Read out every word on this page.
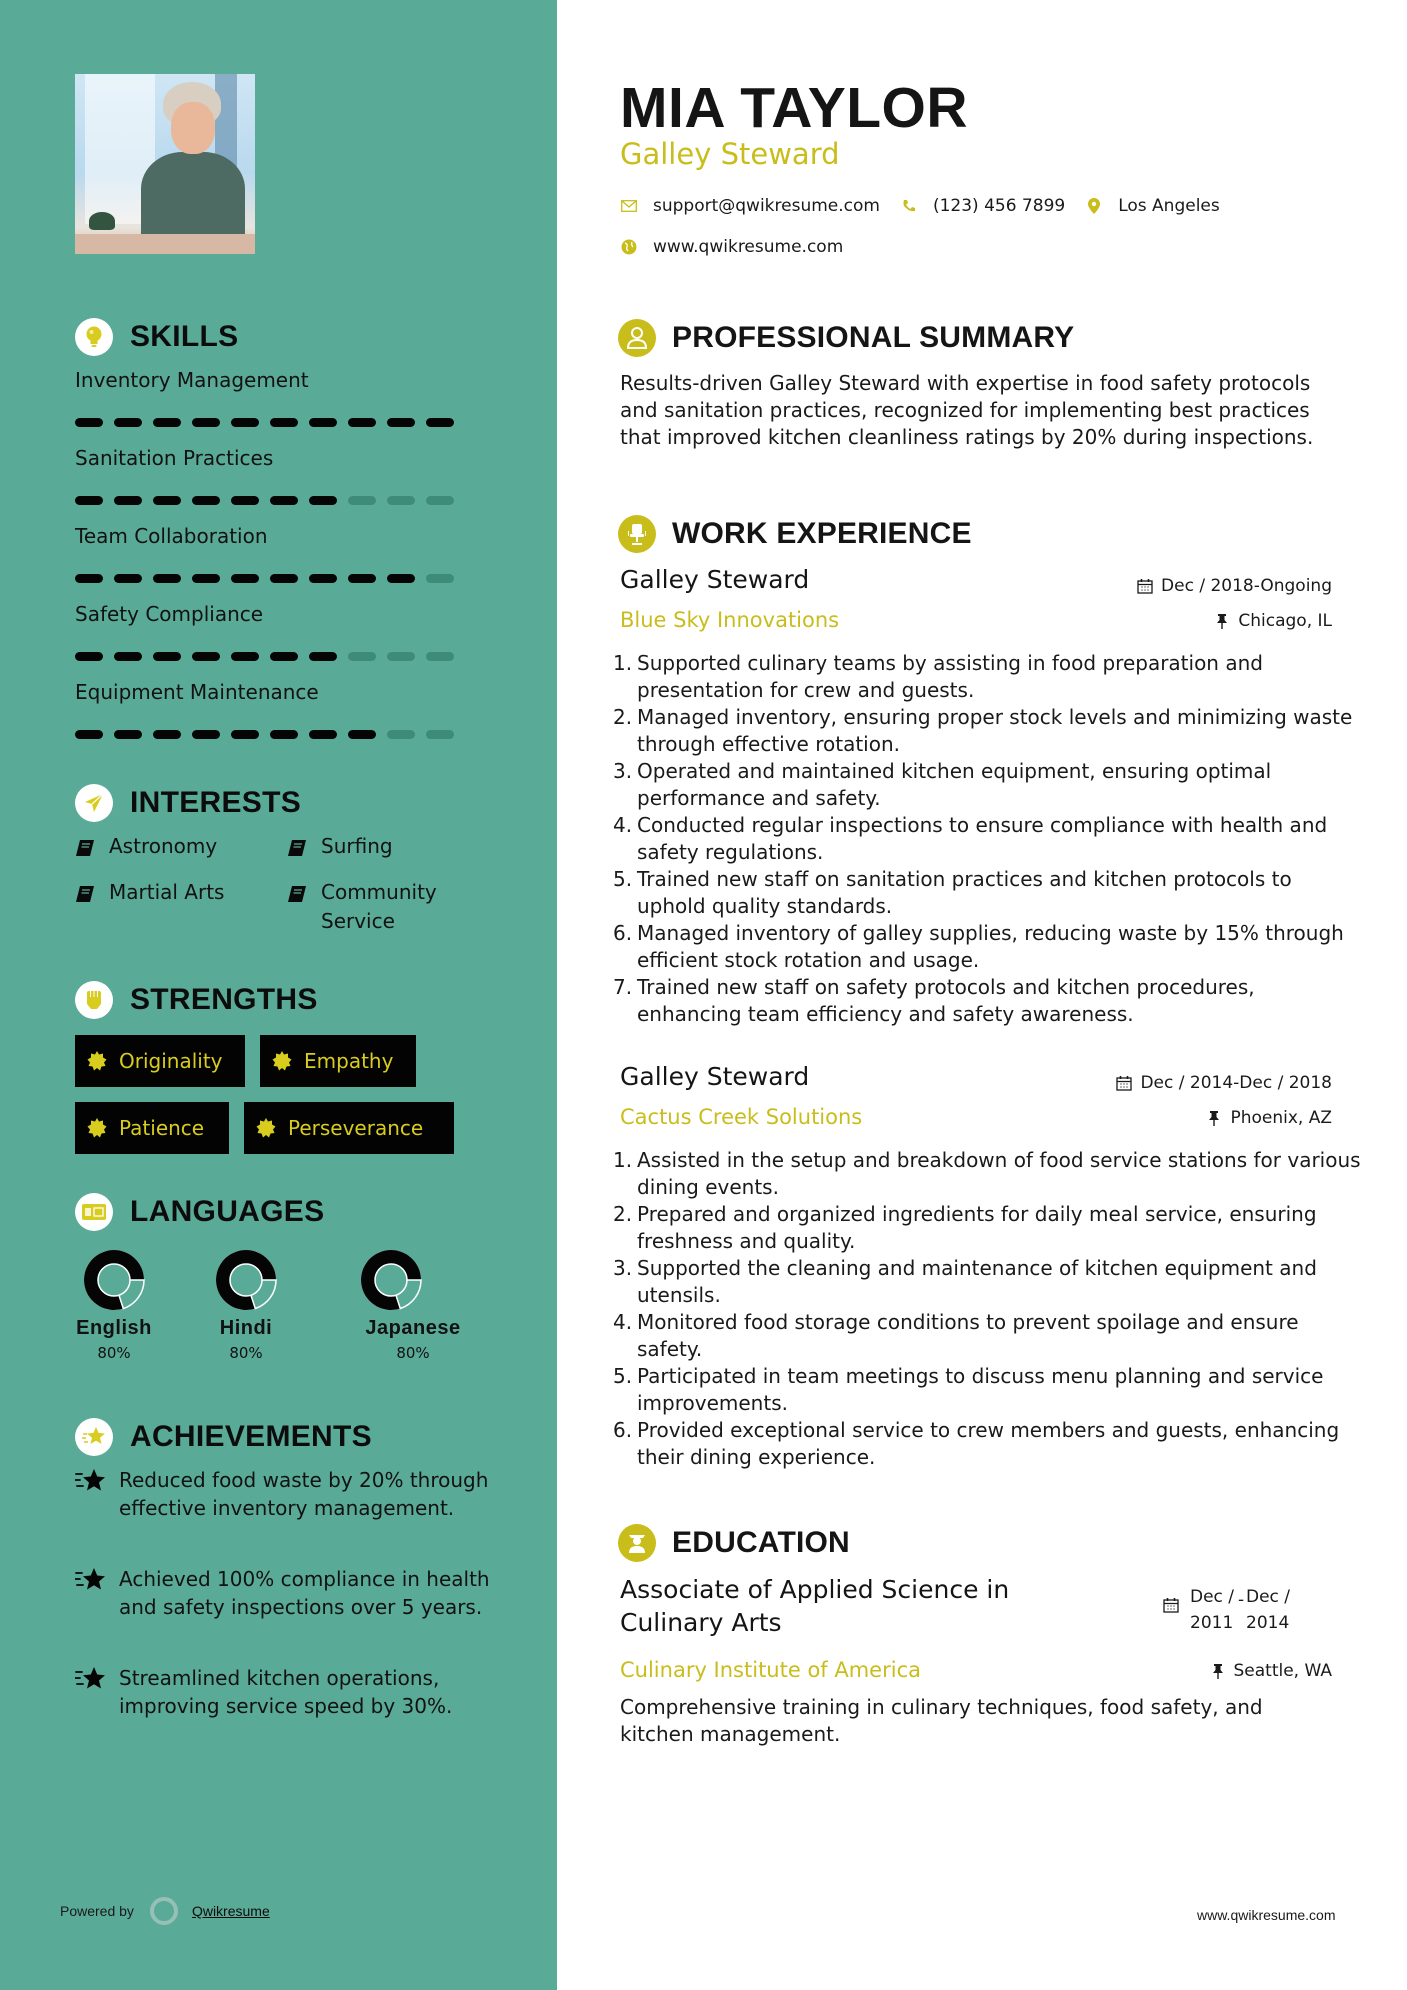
SKILLS
Inventory Management
Sanitation Practices
Team Collaboration
Safety Compliance
Equipment Maintenance
INTERESTS
Astronomy	Surfing
Martial Arts	Community Service
STRENGTHS
Originality	Empathy
Patience	Perseverance
LANGUAGES
English
80%
Hindi
80%
Japanese
80%
ACHIEVEMENTS
Reduced food waste by 20% through effective inventory management.
Achieved 100% compliance in health and safety inspections over 5 years.
Streamlined kitchen operations, improving service speed by 30%.
Powered by	Qwikresume
MIA TAYLOR
Galley Steward
support@qwikresume.com	(123) 456 7899	Los Angeles
www.qwikresume.com
PROFESSIONAL SUMMARY
Results-driven Galley Steward with expertise in food safety protocols and sanitation practices, recognized for implementing best practices that improved kitchen cleanliness ratings by 20% during inspections.
WORK EXPERIENCE
Galley Steward	Dec / 2018-Ongoing
Blue Sky Innovations	Chicago, IL
1. Supported culinary teams by assisting in food preparation and presentation for crew and guests.
2. Managed inventory, ensuring proper stock levels and minimizing waste through effective rotation.
3. Operated and maintained kitchen equipment, ensuring optimal performance and safety.
4. Conducted regular inspections to ensure compliance with health and safety regulations.
5. Trained new staff on sanitation practices and kitchen protocols to uphold quality standards.
6. Managed inventory of galley supplies, reducing waste by 15% through efficient stock rotation and usage.
7. Trained new staff on safety protocols and kitchen procedures, enhancing team efficiency and safety awareness.
Galley Steward	Dec / 2014-Dec / 2018
Cactus Creek Solutions	Phoenix, AZ
1. Assisted in the setup and breakdown of food service stations for various dining events.
2. Prepared and organized ingredients for daily meal service, ensuring freshness and quality.
3. Supported the cleaning and maintenance of kitchen equipment and utensils.
4. Monitored food storage conditions to prevent spoilage and ensure safety.
5. Participated in team meetings to discuss menu planning and service improvements.
6. Provided exceptional service to crew members and guests, enhancing their dining experience.
EDUCATION
Associate of Applied Science in Culinary Arts
Dec /
2011
- Dec /
2014
Culinary Institute of America	Seattle, WA
Comprehensive training in culinary techniques, food safety, and kitchen management.
www.qwikresume.com
